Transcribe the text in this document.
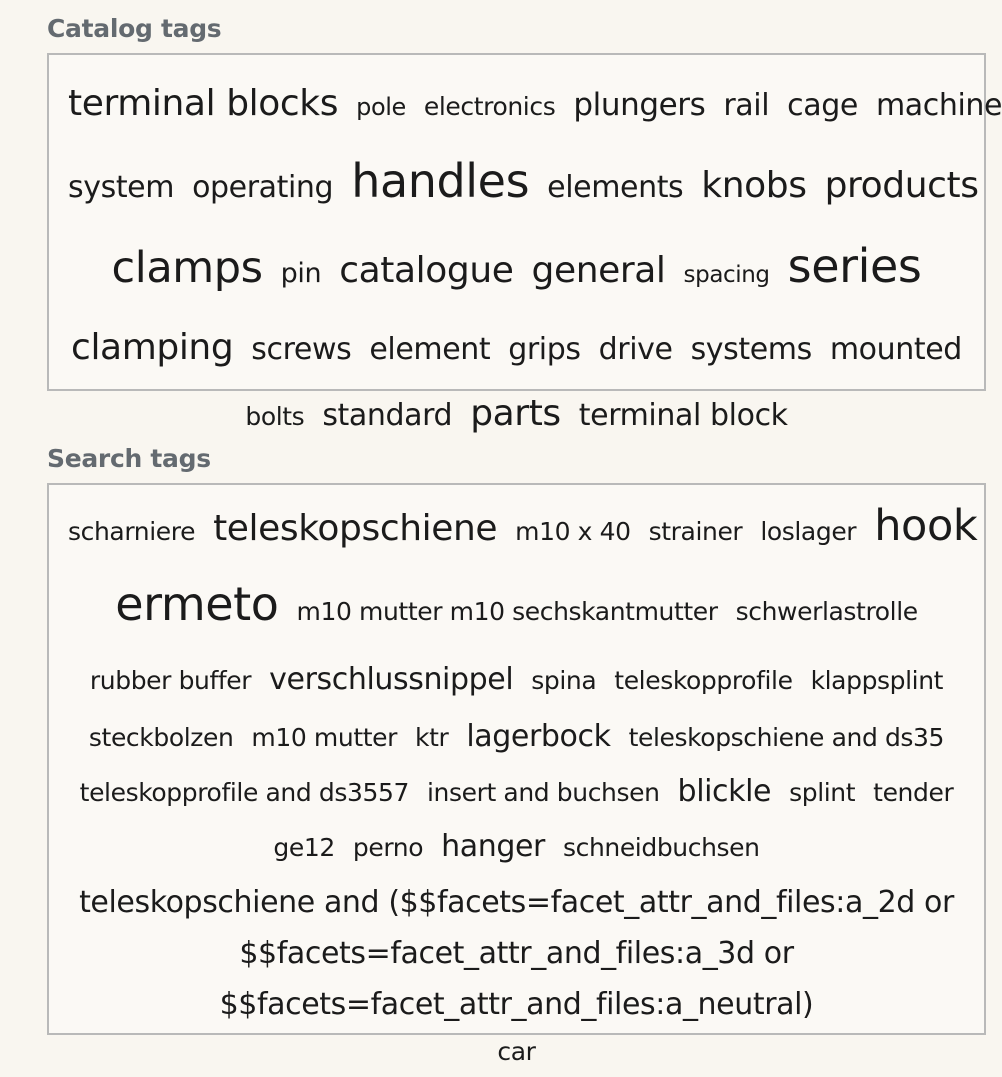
Catalog tags
terminal blocks pole electronics plungers rail cage machine
system operating handles elements knobs products
clamps pin catalogue general spacing series
clamping screws element grips drive systems mounted
bolts standard parts terminal block
Search tags
scharniere teleskopschiene m10 x 40 strainer loslager hook
ermeto m10 mutter m10 sechskantmutter schwerlastrolle
rubber buffer verschlussnippel spina teleskopprofile klappsplint
steckbolzen m10 mutter ktr lagerbock teleskopschiene and ds35
teleskopprofile and ds3557 insert and buchsen blickle splint tender
ge12 perno hanger schneidbuchsen
teleskopschiene and ($$facets=facet_attr_and_files:a_2d or
$$facets=facet_attr_and_files:a_3d or
$$facets=facet_attr_and_files:a_neutral)
car
